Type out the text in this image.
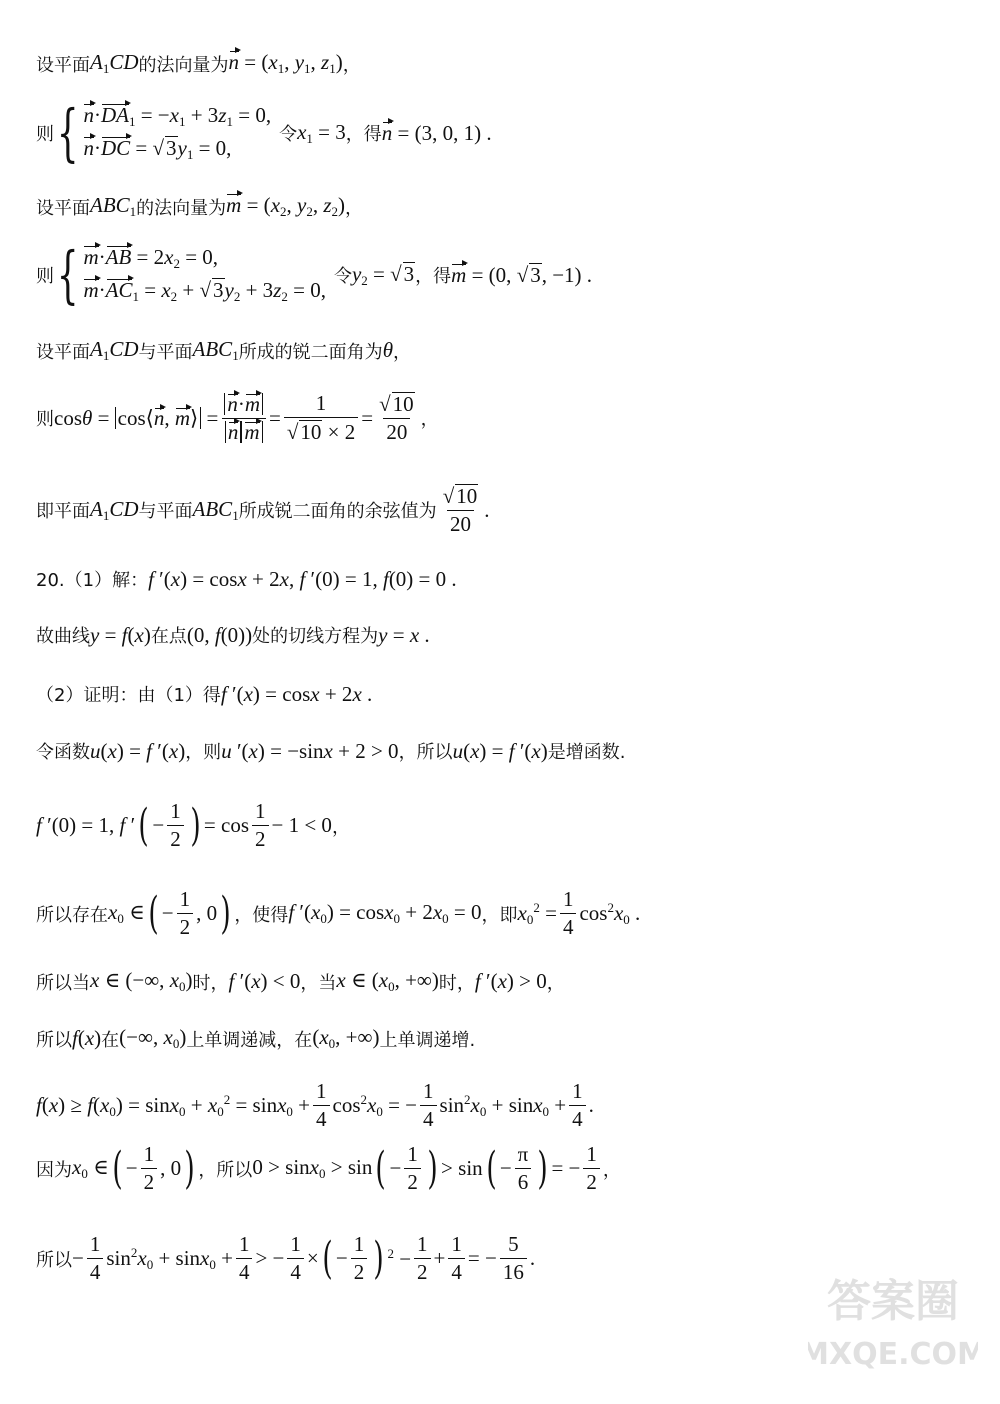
设平面 $A_1CD$ 的法向量为 $n = (x_1$, $y_1$, $z_1$) ，
则 { $n\cdot DA_1 = -x_1 + 3z_1 = 0$,
$n\cdot DC = √3y_1 = 0$,
令 $x_1 = 3$ ，得 n = (3, 0, 1) .
设平面 $ABC_1$ 的法向量为 $m = (x_2$, $y_2$, $z_2$) ，
则 { $m\cdot AB = 2x_2 = 0$,
$m\cdot AC_1 = x_2 + √3y_2 + 3z_2 = 0$,
令 $y_2 = √3$ ，得 m = (0, √3, −1) .
设平面 $A_1CD$ 与平面 $ABC_1$ 所成的锐二面角为 θ ，
则 cosθ = cos⟨n, m⟩ = $\frac{n\cdot m}{\text{n m}} = \frac{1}{√10 \times 2} = \frac{√10}{20}$ ，
即平面 $A_1CD$ 与平面 $ABC_1$ 所成锐二面角的余弦值为 $\frac{√10}{20}$ .
20.（1）解： f ′(x) = cosx + 2x, f ′(0) = 1, f(0) = 0 .
故曲线 y = f(x) 在点 (0, f(0)) 处的切线方程为 y = x .
（2）证明：由（1）得 f ′(x) = cosx + 2x .
令函数 u(x) = f ′(x) ，则 u ′(x) = −sinx + 2 > 0 ，所以 u(x) = f ′(x) 是增函数.
f ′(0) = 1, f ′ ( − $\frac{1}{2}$ ) = $\cos \frac{1}{2} - 1 < 0$ ，
所以存在 $x_0$ ∈ ( − $\frac{1}{2}$ , 0 ) ，使得 f $'(x_0) = \cos x_0 + 2x_0 = 0$ ，即 $x_0^2 = \frac{1}{4} \cos^2x_0$ .
所以当 x ∈ (−∞, $x_0$) 时， f ′(x) < 0 ，当 x ∈ ($x_0$, +∞) 时， f ′(x) > 0 ，
所以 f(x) 在 (−∞, $x_0$) 上单调递减，在 ($x_0$, +∞) 上单调递增.
$f(x) \ge f(x_0) = \sin x_0 + x_0^2 = \sin x_0 + \frac{1}{4} \cos^2x_0$ = − $\frac{1}{4} \sin^2x_0 + \sin x_0 + \frac{1}{4}$ .
因为 $x_0$ ∈ ( − $\frac{1}{2}$ , 0 ) ，所以 0 > sinx$_0$ > sin ( − $\frac{1}{2}$ ) > sin ( − $\frac{\pi}{6}$ ) = − $\frac{1}{2}$ ，
所以 − $\frac{1}{4} \sin^2x_0 + \sin x_0 + \frac{1}{4}$ > − $\frac{1}{4}$ × ( − $\frac{1}{2}$ ) $^2 - \frac{1}{2} + \frac{1}{4}$ = − $\frac{5}{16}$ .
答案圈
MXQE.COM
